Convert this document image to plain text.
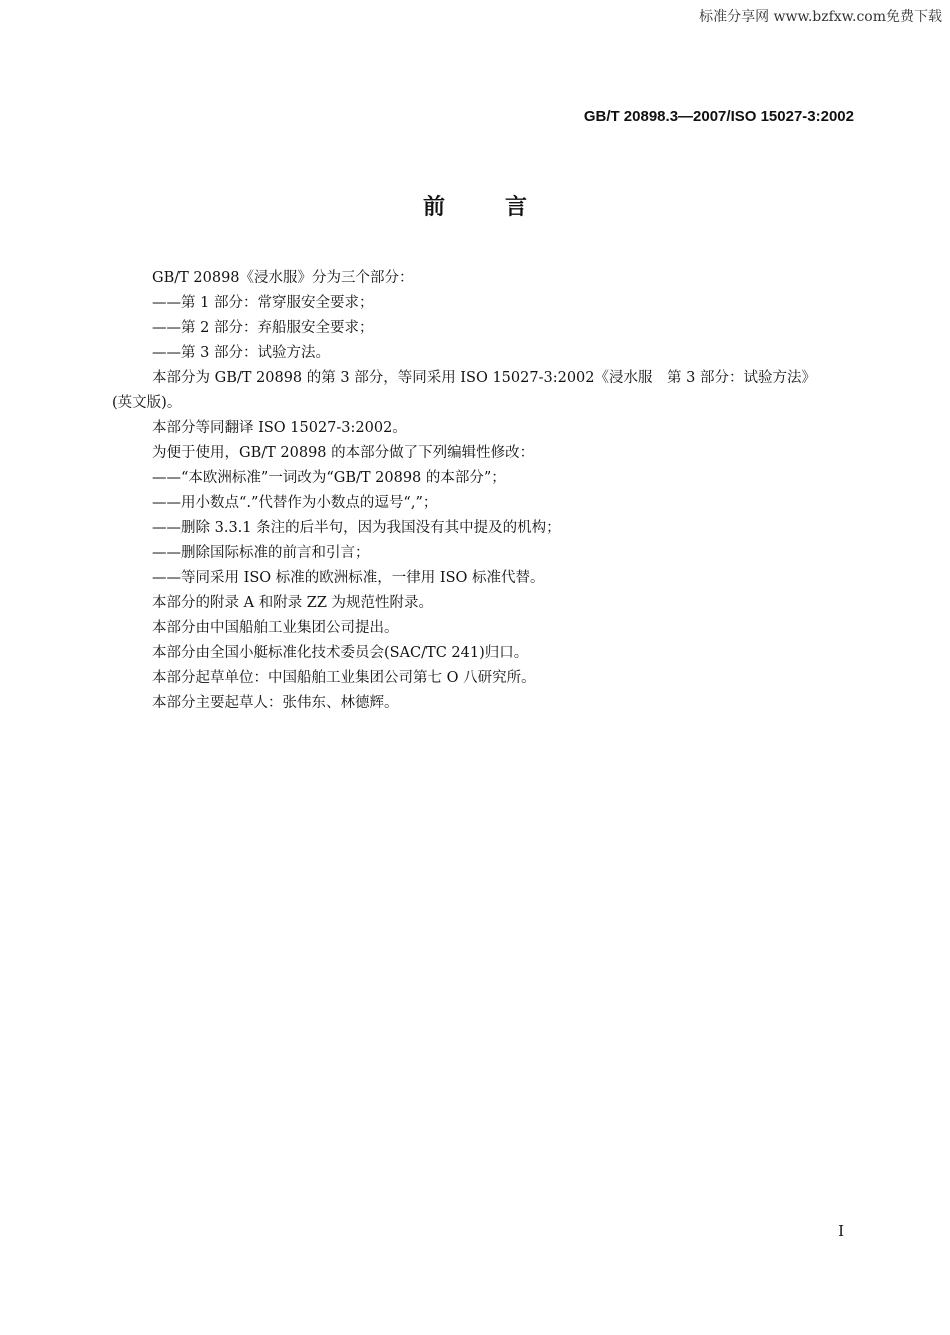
标准分享网 www.bzfxw.com免费下载
GB/T 20898.3—2007/ISO 15027-3:2002
前言

GB/T 20898《浸水服》分为三个部分：

——第 1 部分：常穿服安全要求；

——第 2 部分：弃船服安全要求；

——第 3 部分：试验方法。

本部分为 GB/T 20898 的第 3 部分，等同采用 ISO 15027-3:2002《浸水服　第 3 部分：试验方法》

(英文版)。

本部分等同翻译 ISO 15027-3:2002。

为便于使用，GB/T 20898 的本部分做了下列编辑性修改：

——“本欧洲标准”一词改为“GB/T 20898 的本部分”；

——用小数点“.”代替作为小数点的逗号“,”；

——删除 3.3.1 条注的后半句，因为我国没有其中提及的机构；

——删除国际标准的前言和引言；

——等同采用 ISO 标准的欧洲标准，一律用 ISO 标准代替。

本部分的附录 A 和附录 ZZ 为规范性附录。

本部分由中国船舶工业集团公司提出。

本部分由全国小艇标准化技术委员会(SAC/TC 241)归口。

本部分起草单位：中国船舶工业集团公司第七 O 八研究所。

本部分主要起草人：张伟东、林德辉。

I
